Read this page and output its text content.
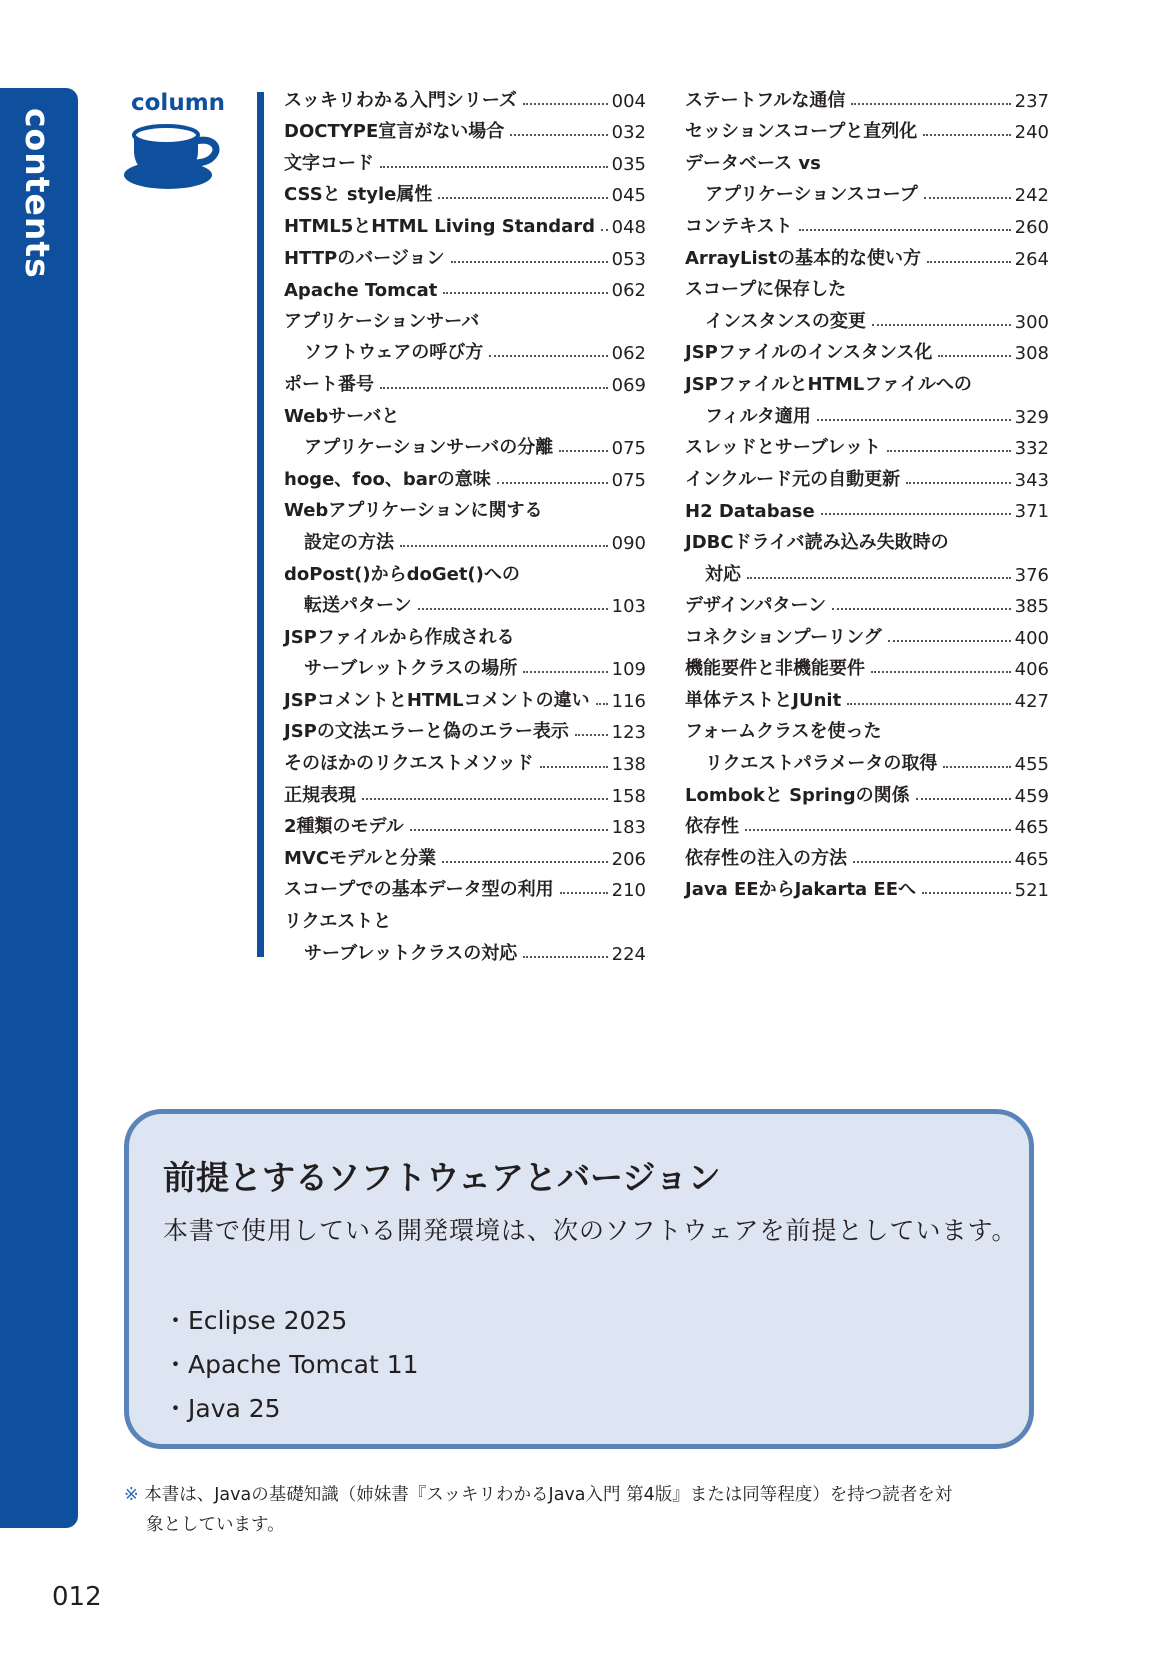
contents
column	スッキリわかる入門シリーズ	004
DOCTYPE宣言がない場合	032
文字コード	035
CSSと style属性	045
HTML5とHTML Living Standard 048
HTTPのバージョン	053
Apache Tomcat	062
アプリケーションサーバ
ソフトウェアの呼び方	062
ポート番号	069
Webサーバと
アプリケーションサーバの分離	075
hoge、foo、barの意味	075
Webアプリケーションに関する
設定の方法	090
doPost()からdoGet()への
転送パターン	103
JSPファイルから作成される
サーブレットクラスの場所	109
JSPコメントとHTMLコメントの違い 116
JSPの文法エラーと偽のエラー表示 123
そのほかのリクエストメソッド	138
正規表現	158
2種類のモデル	183
MVCモデルと分業	206
スコープでの基本データ型の利用	210
リクエストと
サーブレットクラスの対応	224
ステートフルな通信	237
セッションスコープと直列化	240
データベース vs
アプリケーションスコープ	242
コンテキスト	260
ArrayListの基本的な使い方	264
スコープに保存した
インスタンスの変更	300
JSPファイルのインスタンス化	308
JSPファイルとHTMLファイルへの
フィルタ適用	329
スレッドとサーブレット	332
インクルード元の自動更新	343
H2 Database	371
JDBCドライバ読み込み失敗時の
対応	376
デザインパターン	385
コネクションプーリング	400
機能要件と非機能要件	406
単体テストとJUnit	427
フォームクラスを使った
リクエストパラメータの取得	455
Lombokと Springの関係	459
依存性	465
依存性の注入の方法	465
Java EEからJakarta EEへ	521
前提とするソフトウェアとバージョン
本書で使用している開発環境は、次のソフトウェアを前提としています。
・Eclipse 2025
・Apache Tomcat 11
・Java 25
※ 本書は、Javaの基礎知識（姉妹書『スッキリわかるJava入門 第4版』または同等程度）を持つ読者を対
象としています。
012
